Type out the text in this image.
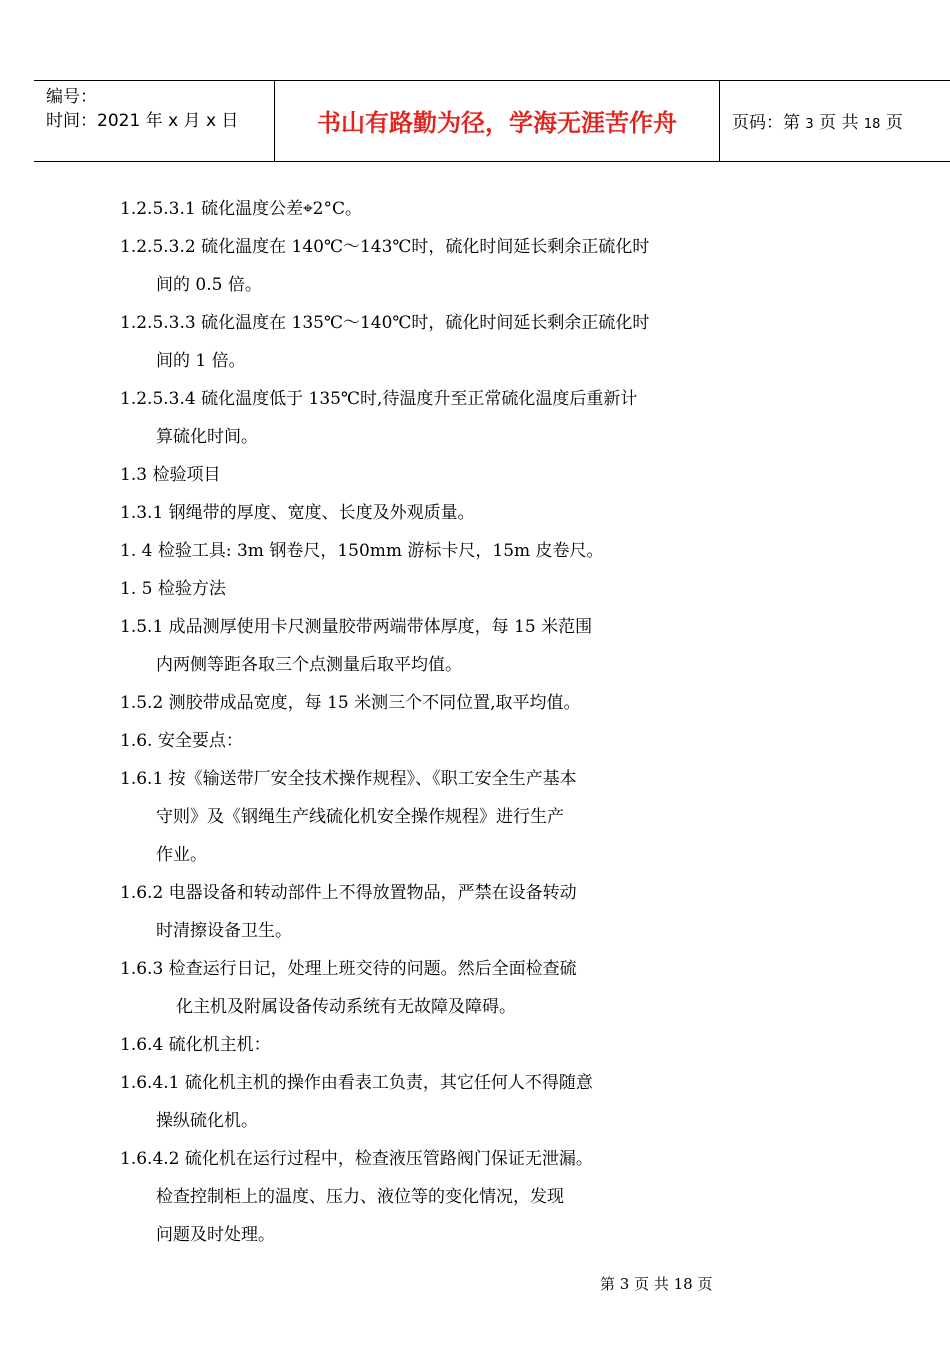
编号：
时间：2021 年 x 月 x 日	书山有路勤为径，学海无涯苦作舟	页码：第 3 页 共 18 页
1.2.5.3.1 硫化温度公差⌖2°C。
1.2.5.3.2 硫化温度在 140℃～143℃时，硫化时间延长剩余正硫化时
间的 0.5 倍。
1.2.5.3.3 硫化温度在 135℃～140℃时，硫化时间延长剩余正硫化时
间的 1 倍。
1.2.5.3.4 硫化温度低于 135℃时,待温度升至正常硫化温度后重新计
算硫化时间。
1.3 检验项目
1.3.1 钢绳带的厚度、宽度、长度及外观质量。
1. 4 检验工具: 3m 钢卷尺，150mm 游标卡尺，15m 皮卷尺。
1. 5 检验方法
1.5.1 成品测厚使用卡尺测量胶带两端带体厚度，每 15 米范围
内两侧等距各取三个点测量后取平均值。
1.5.2 测胶带成品宽度，每 15 米测三个不同位置,取平均值。
1.6. 安全要点：
1.6.1 按《输送带厂安全技术操作规程》、《职工安全生产基本
守则》及《钢绳生产线硫化机安全操作规程》进行生产
作业。
1.6.2 电器设备和转动部件上不得放置物品，严禁在设备转动
时清擦设备卫生。
1.6.3 检查运行日记，处理上班交待的问题。然后全面检查硫
化主机及附属设备传动系统有无故障及障碍。
1.6.4 硫化机主机：
1.6.4.1 硫化机主机的操作由看表工负责，其它任何人不得随意
操纵硫化机。
1.6.4.2 硫化机在运行过程中，检查液压管路阀门保证无泄漏。
检查控制柜上的温度、压力、液位等的变化情况，发现
问题及时处理。
第 3 页 共 18 页
